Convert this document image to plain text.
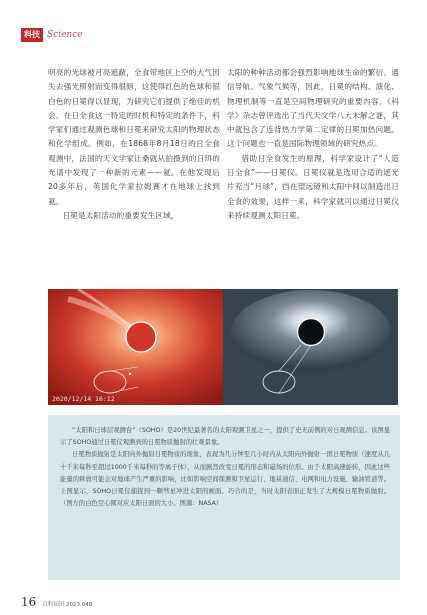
科技 Science

明亮的光球被月亮遮蔽，全食带地区上空的大气因失去强光照射而变得很暗，这使得红色的色球和银白色的日冕得以显现，为研究它们提供了绝佳的机会。在日全食这一特定的时机和特定的条件下，科学家们通过观测色球和日冕来研究太阳的物理状态和化学组成。例如，在1868年8月18日的日全食观测中，法国的天文学家让桑就从拍摄到的日珥的光谱中发现了一种新的元素——氦。在他发现后20多年后，英国化学家拉姆赛才在地球上找到氦。

日冕是太阳活动的重要发生区域，

太阳的种种活动都会强烈影响地球生命的繁衍、通信导航、气象气候等，因此，日冕的结构、演化、物理机制等一直是空间物理研究的重要内容。《科学》杂志曾评选出了当代天文学八大未解之谜，其中就包含了连背热力学第二定律的日冕加热问题。这个问题也一直是国际物理领域的研究热点。

借助日全食发生的原理，科学家设计了“人造日全食”——日冕仪。日冕仪就是选用合适的遮光片充当“月球”，挡在望远镜和太阳中间以制造出日全食的效果，这样一来，科学家就可以通过日冕仪来持续观测太阳日冕。

2020/12/14 16:12

“太阳和日球层观测台”（SOHO）是20世纪最著名的太阳观测卫星之一，提供了史无前例的对日观测信息。该图显示了SOHO通过日冕仪观测到的日冕物质抛射的壮观景象。

日冕物质抛射是太阳向外抛射日冕物质的现象，表现为几分钟至几小时内从太阳向外抛射一团日冕物质（速度从几十千米每秒至超过1000千米每秒的等离子体），从而剧烈改变日冕的形态和磁场的位形。由于太阳高速旋转，因此这些能量的释放可能会对地球产生严重的影响，比如影响空间探测和卫星运行、地基通信、电网和电力设施、输油管道等。上图显示，SOHO日冕仪捕捉到一颗彗星冲进太阳的画面。巧合的是，当时太阳表面正发生了大规模日冕物质抛射。（图左的白色空心圆对应太阳日面的大小。图源：NASA）

16 百科知识 2023.04B
